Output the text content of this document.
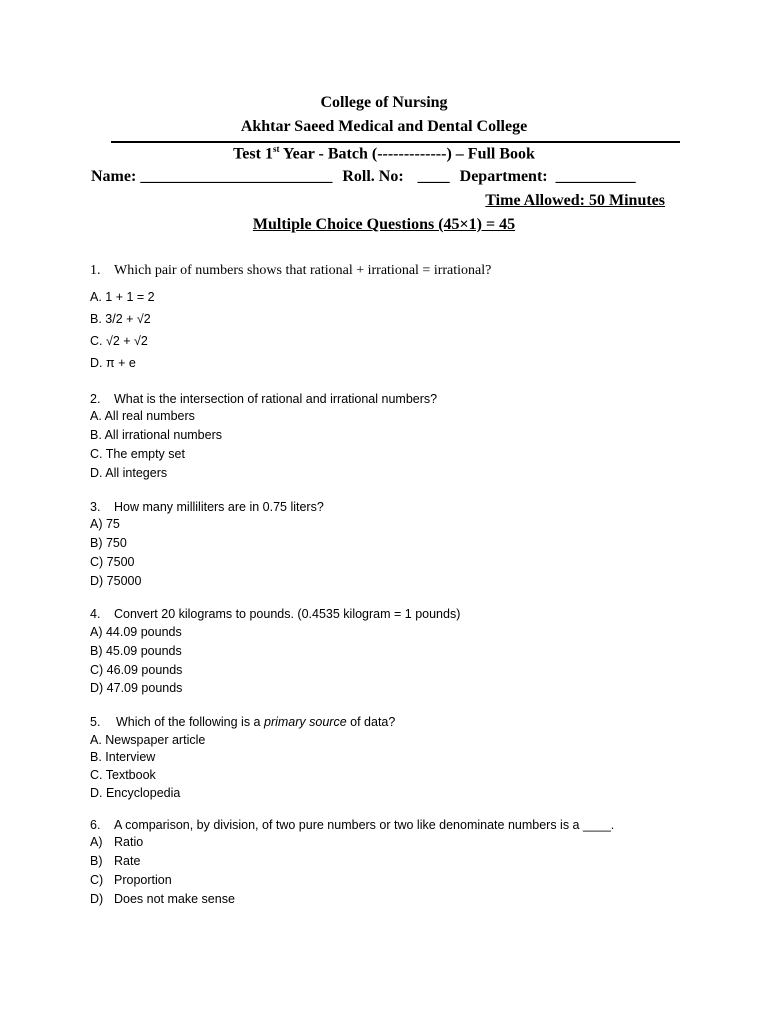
College of Nursing
Akhtar Saeed Medical and Dental College
Test 1st Year - Batch (-------------) – Full Book
Name: ________________________ Roll. No: ____ Department: __________
Time Allowed: 50 Minutes
Multiple Choice Questions (45×1) = 45
1. Which pair of numbers shows that rational + irrational = irrational?
A. 1 + 1 = 2
B. 3/2 + √2
C. √2 + √2
D. π + e
2. What is the intersection of rational and irrational numbers?
A. All real numbers
B. All irrational numbers
C. The empty set
D. All integers
3. How many milliliters are in 0.75 liters?
A) 75
B) 750
C) 7500
D) 75000
4. Convert 20 kilograms to pounds. (0.4535 kilogram = 1 pounds)
A) 44.09 pounds
B) 45.09 pounds
C) 46.09 pounds
D) 47.09 pounds
5. Which of the following is a primary source of data?
A. Newspaper article
B. Interview
C. Textbook
D. Encyclopedia
6. A comparison, by division, of two pure numbers or two like denominate numbers is a ____.
A) Ratio
B) Rate
C) Proportion
D) Does not make sense
